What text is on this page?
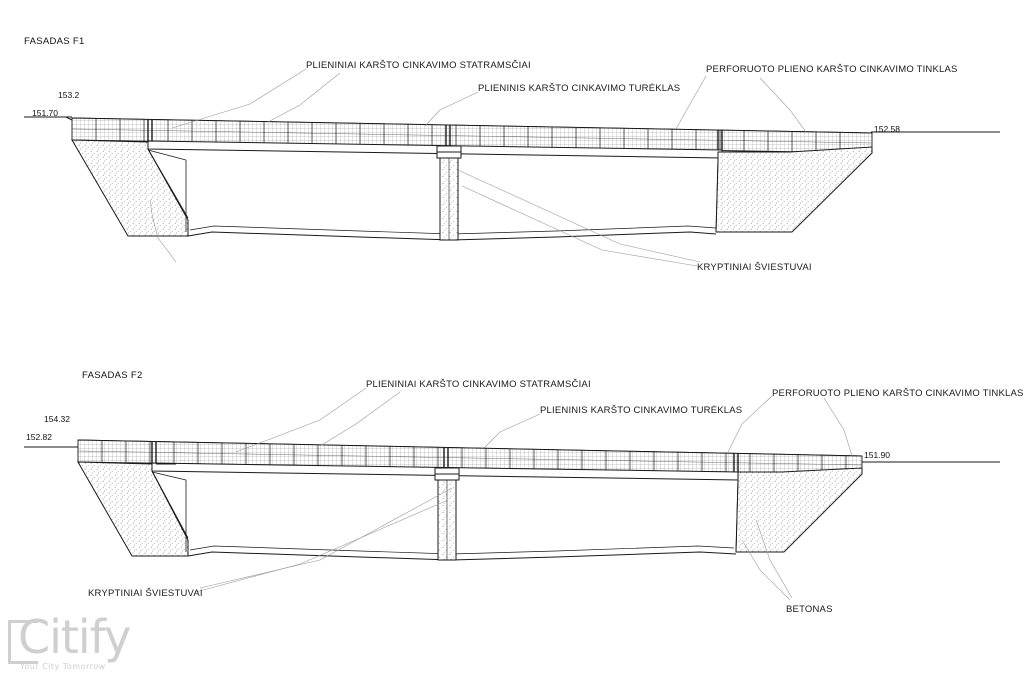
FASADAS F1
153.2
151.70
152.58
PLIENINIAI KARŠTO CINKAVIMO STATRAMSČIAI
PLIENINIS KARŠTO CINKAVIMO TURĖKLAS
PERFORUOTO PLIENO KARŠTO CINKAVIMO TINKLAS
KRYPTINIAI ŠVIESTUVAI
FASADAS F2
154.32
152.82
151.90
PLIENINIAI KARŠTO CINKAVIMO STATRAMSČIAI
PLIENINIS KARŠTO CINKAVIMO TURĖKLAS
PERFORUOTO PLIENO KARŠTO CINKAVIMO TINKLAS
KRYPTINIAI ŠVIESTUVAI
BETONAS
Citify
Your City Tomorrow
